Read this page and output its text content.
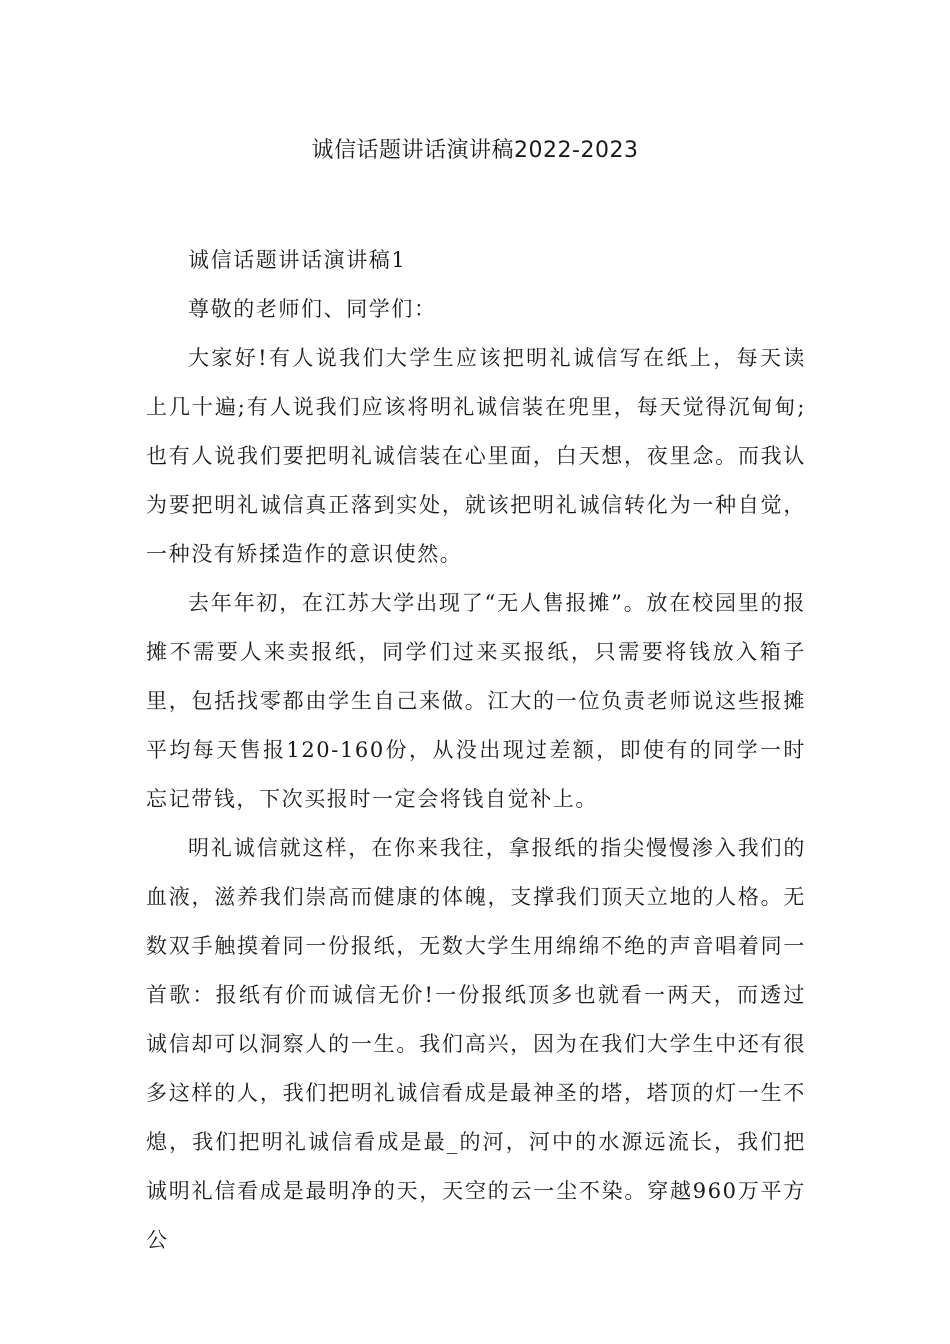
诚信话题讲话演讲稿2022-2023

诚信话题讲话演讲稿1

尊敬的老师们、同学们：

大家好!有人说我们大学生应该把明礼诚信写在纸上，每天读上几十遍;有人说我们应该将明礼诚信装在兜里，每天觉得沉甸甸;也有人说我们要把明礼诚信装在心里面，白天想，夜里念。而我认为要把明礼诚信真正落到实处，就该把明礼诚信转化为一种自觉，一种没有矫揉造作的意识使然。

去年年初，在江苏大学出现了“无人售报摊”。放在校园里的报摊不需要人来卖报纸，同学们过来买报纸，只需要将钱放入箱子里，包括找零都由学生自己来做。江大的一位负责老师说这些报摊平均每天售报120-160份，从没出现过差额，即使有的同学一时忘记带钱，下次买报时一定会将钱自觉补上。

明礼诚信就这样，在你来我往，拿报纸的指尖慢慢渗入我们的血液，滋养我们崇高而健康的体魄，支撑我们顶天立地的人格。无数双手触摸着同一份报纸，无数大学生用绵绵不绝的声音唱着同一首歌：报纸有价而诚信无价!一份报纸顶多也就看一两天，而透过诚信却可以洞察人的一生。我们高兴，因为在我们大学生中还有很多这样的人，我们把明礼诚信看成是最神圣的塔，塔顶的灯一生不熄，我们把明礼诚信看成是最_的河，河中的水源远流长，我们把诚明礼信看成是最明净的天，天空的云一尘不染。穿越960万平方公
